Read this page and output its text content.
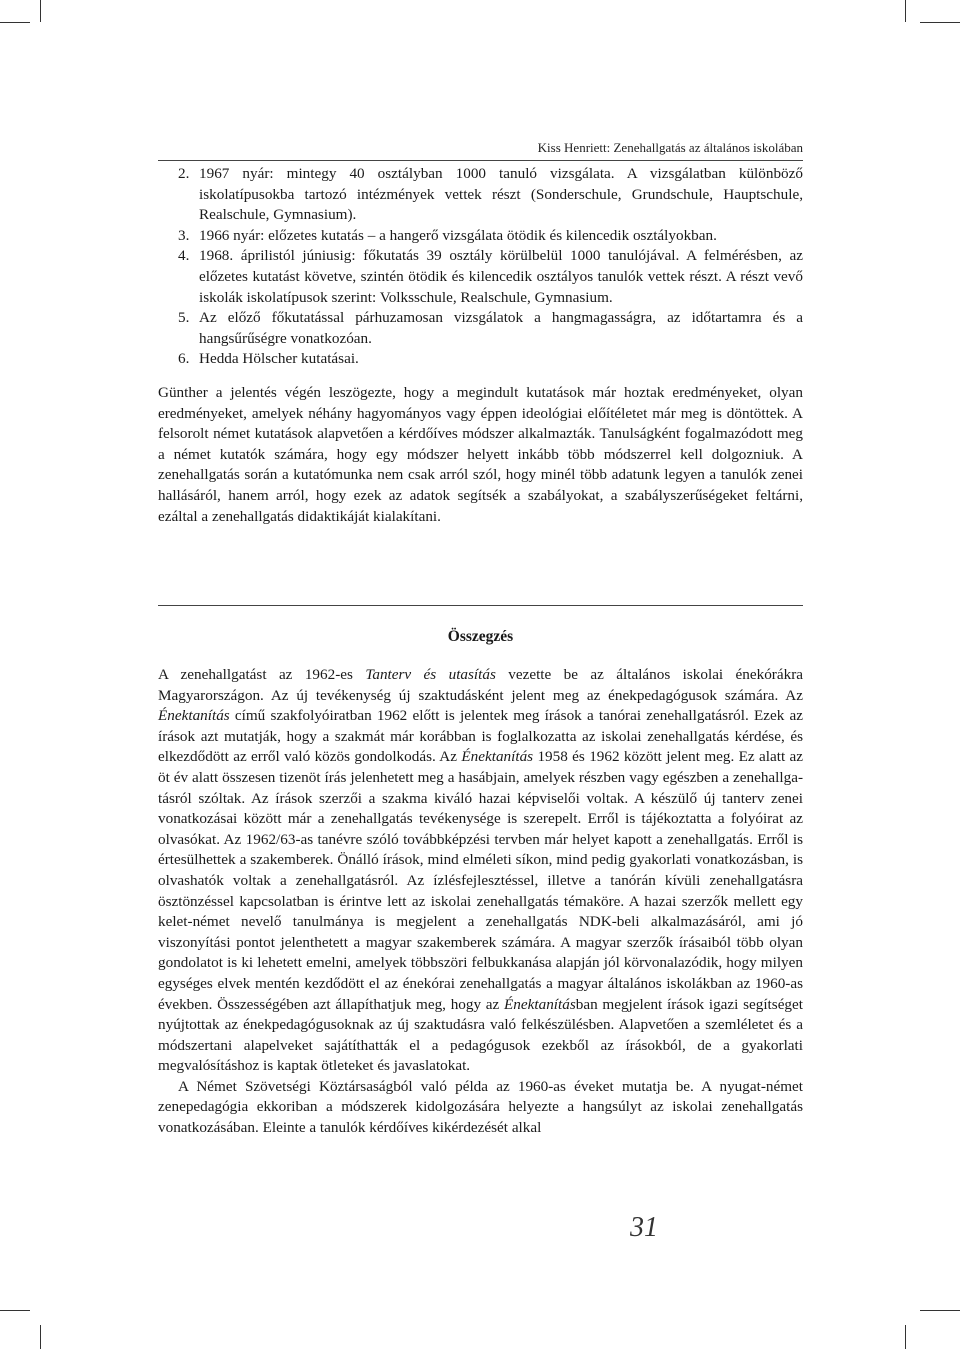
Kiss Henriett: Zenehallgatás az általános iskolában
2. 1967 nyár: mintegy 40 osztályban 1000 tanuló vizsgálata. A vizsgálatban különböző iskolatípusokba tartozó intézmények vettek részt (Sonderschule, Grundschule, Hauptschule, Realschule, Gymnasium).
3. 1966 nyár: előzetes kutatás – a hangerő vizsgálata ötödik és kilencedik osztályokban.
4. 1968. áprilistól júniusig: főkutatás 39 osztály körülbelül 1000 tanulójával. A felmérésben, az előzetes kutatást követve, szintén ötödik és kilencedik osztályos tanulók vettek részt. A részt vevő iskolák iskolatípusok szerint: Volksschule, Realschule, Gymnasium.
5. Az előző főkutatással párhuzamosan vizsgálatok a hangmagasságra, az időtartamra és a hangsűrűségre vonatkozóan.
6. Hedda Hölscher kutatásai.

Günther a jelentés végén leszögezte, hogy a megindult kutatások már hoztak eredményeket, olyan eredményeket, amelyek néhány hagyományos vagy éppen ideológiai előítéletet már meg is döntöttek. A felsorolt német kutatások alapvetően a kérdőíves módszer alkalmazták. Tanulságként fogalmazódott meg a német kutatók számára, hogy egy módszer helyett inkább több módszerrel kell dolgozniuk. A zenehallgatás során a kutatómunka nem csak arról szól, hogy minél több adatunk legyen a tanulók zenei hallásáról, hanem arról, hogy ezek az adatok segítsék a szabályokat, a szabályszerűségeket feltárni, ezáltal a zenehallgatás didaktikáját kialakítani.

Összegzés

A zenehallgatást az 1962-es Tanterv és utasítás vezette be az általános iskolai énekórákra Magyarországon. Az új tevékenység új szaktudásként jelent meg az énekpedagógusok számára. Az Énektanítás című szakfolyóiratban 1962 előtt is jelentek meg írások a tanórai zenehallgatásról. Ezek az írások azt mutatják, hogy a szakmát már korábban is foglalkozatta az iskolai zenehallgatás kérdése, és elkezdődött az erről való közös gondolkodás. Az Énektanítás 1958 és 1962 között jelent meg. Ez alatt az öt év alatt összesen tizenöt írás jelenhetett meg a hasábjain, amelyek részben vagy egészben a zenehallgatásról szóltak. Az írások szerzői a szakma kiváló hazai képviselői voltak. A készülő új tanterv zenei vonatkozásai között már a zenehallgatás tevékenysége is szerepelt. Erről is tájékoztatta a folyóirat az olvasókat. Az 1962/63-as tanévre szóló továbbképzési tervben már helyet kapott a zenehallgatás. Erről is értesülhettek a szakemberek. Önálló írások, mind elméleti síkon, mind pedig gyakorlati vonatkozásban, is olvashatók voltak a zenehallgatásról. Az ízlésfejlesztéssel, illetve a tanórán kívüli zenehallgatásra ösztönzéssel kapcsolatban is érintve lett az iskolai zenehallgatás témaköre. A hazai szerzők mellett egy kelet-német nevelő tanulmánya is megjelent a zenehallgatás NDK-beli alkalmazásáról, ami jó viszonyítási pontot jelenthetett a magyar szakemberek számára. A magyar szerzők írásaiból több olyan gondolatot is ki lehetett emelni, amelyek többszöri felbukkanása alapján jól körvonalazódik, hogy milyen egységes elvek mentén kezdődött el az énekórai zenehallgatás a magyar általános iskolákban az 1960-as években. Összességében azt állapíthatjuk meg, hogy az Énektanításban megjelent írások igazi segítséget nyújtottak az énekpedagógusoknak az új szaktudásra való felkészülésben. Alapvetően a szemléletet és a módszertani alapelveket sajátíthatták el a pedagógusok ezekből az írásokból, de a gyakorlati megvalósításhoz is kaptak ötleteket és javaslatokat.

A Német Szövetségi Köztársaságból való példa az 1960-as éveket mutatja be. A nyugat-német zenepedagógia ekkoriban a módszerek kidolgozására helyezte a hangsúlyt az iskolai zenehallgatás vonatkozásában. Eleinte a tanulók kérdőíves kikérdezését alkal

31
